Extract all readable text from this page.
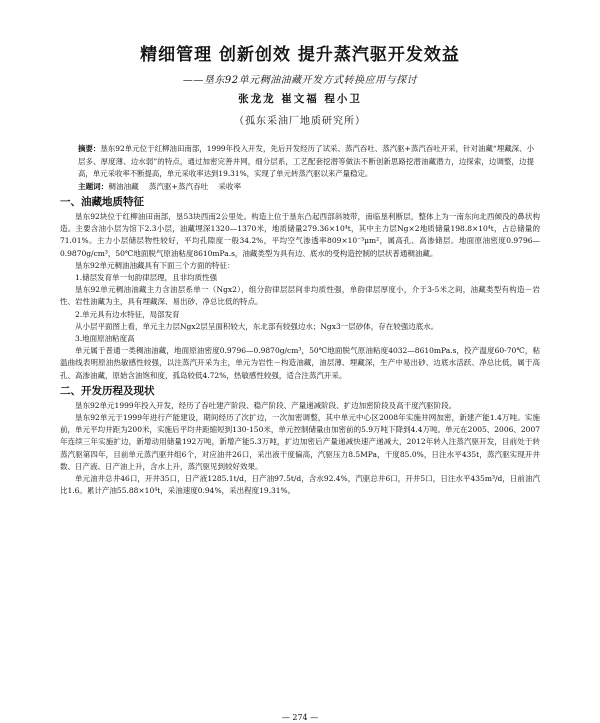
精细管理 创新创效 提升蒸汽驱开发效益
——垦东92单元稠油油藏开发方式转换应用与探讨
张龙龙 崔文福 程小卫
（孤东采油厂地质研究所）

摘要：垦东92单元位于红柳油田南部，1999年投入开发，先后开发经历了试采、蒸汽吞吐、蒸汽驱+蒸汽吞吐开采，针对油藏“埋藏深、小层多、厚度薄、边水弱”的特点，通过加密完善井网，细分层系，工艺配套挖潜等做法不断创新思路挖潜油藏潜力，边探索，边调整，边提高，单元采收率不断提高，单元采收率达到19.31%，实现了单元转蒸汽驱以来产量稳定。

主题词：稠油油藏 蒸汽驱+蒸汽吞吐 采收率

一、油藏地质特征

垦东92块位于红柳油田南部，垦53块西南2公里处。构造上位于垦东凸起西部斜坡带，南临垦利断层，整体上为一南东向北西倾没的鼻状构造。主要含油小层为馆下2.3小层，油藏埋深1320—1370米，地质储量279.36×10⁴t，其中主力层Ng×2地质储量198.8×10⁴t，占总储量的71.01%。主力小层储层物性较好，平均孔隙度一般34.2%，平均空气渗透率809×10⁻³μm²，属高孔、高渗储层。地面原油密度0.9796—0.9870g/cm³，50℃地面脱气原油粘度8610mPa.s，油藏类型为具有边、底水的受构造控制的层状普通稠油藏。

垦东92单元稠油油藏具有下面三个方面的特征：

1.储层发育单一旬韵律层理，且非均质性强

垦东92单元稠油油藏主力含油层系单一（Ngx2），组分韵律层层间非均质性强，单韵律层厚度小，介于3-5米之间，油藏类型有构造－岩性、岩性油藏为主，具有埋藏深、易出砂、净总比低的特点。

2.单元具有边水特征，局部发育

从小层平面图上看，单元主力层Ngx2层呈面积较大，东北部有较强边水；Ngx3一层砂体，存在较强边底水。

3.地面原油粘度高

单元属于普通一类稠油油藏，地面原油密度0.9796—0.9870g/cm³，50℃地面脱气原油粘度4032—8610mPa.s，投产温度60-70℃，粘温曲线表明原油热敏感性较强，以注蒸汽开采为主，单元为岩性－构造油藏，油层薄、埋藏深，生产中易出砂、边底水活跃、净总比低，属于高孔、高渗油藏，原始含油饱和度，孤岛较低4.72%，热敏感性较强，适合注蒸汽开采。

二、开发历程及现状

垦东92单元1999年投入开发，经历了吞吐建产阶段、稳产阶段、产量递减阶段、扩边加密阶段及高干度汽驱阶段。

垦东92单元于1999年进行产能建设，期间经历了次扩边，一次加密调整，其中单元中心区2008年实施井网加密，新建产能1.4万吨。实施前，单元平均井距为200米，实施后平均井距缩短到130-150米，单元控制储量由加密前的5.9万吨下降到4.4万吨。单元在2005、2006、2007年连续三年实施扩边，新增动用储量192万吨，新增产能5.3万吨，扩边加密后产量递减快速产递减大，2012年转入注蒸汽驱开发，目前处于转蒸汽驱第四年，目前单元蒸汽驱井组6个，对应油井26口，采出液干度偏高，汽驱压力8.5MPa，干度85.0%，日注水平435t，蒸汽驱实现开井数、日产液、日产油上升，含水上升，蒸汽驱见到较好效果。

单元油井总井46口，开井35口，日产液1285.1t/d，日产油97.5t/d，含水92.4%，汽驱总井6口，开井5口，日注水平435m³/d，日前油汽比1.6。累计产油55.88×10⁴t，采油速度0.94%，采出程度19.31%。

— 274 —
